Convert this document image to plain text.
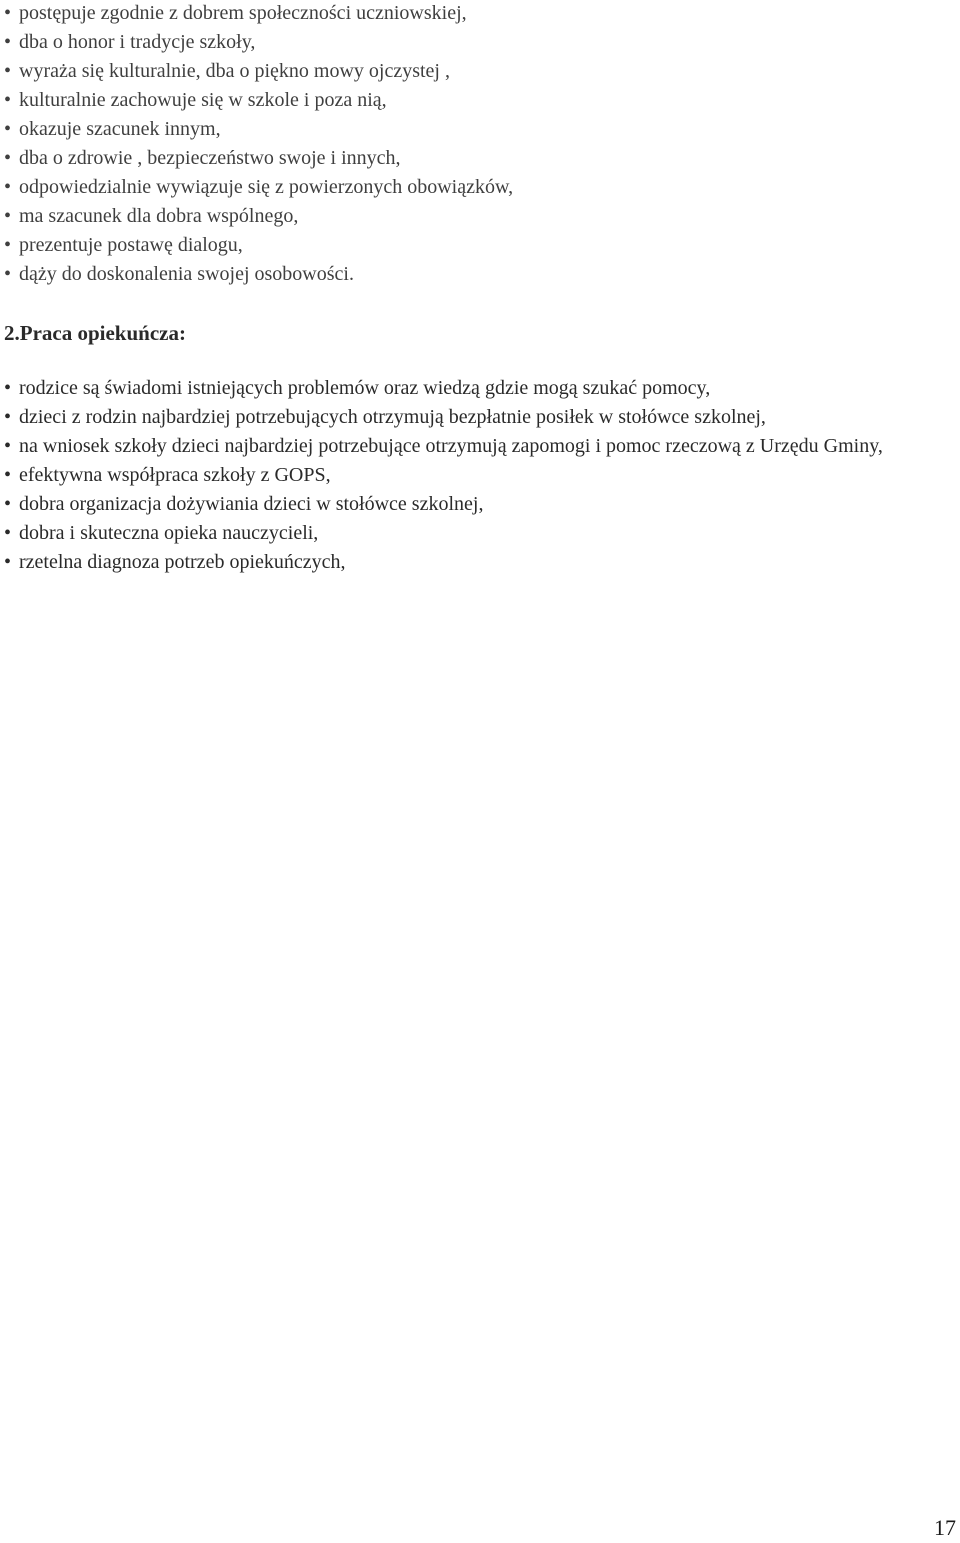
•postępuje zgodnie z dobrem społeczności uczniowskiej,
•dba o honor i tradycje szkoły,
•wyraża się kulturalnie, dba o piękno mowy ojczystej ,
•kulturalnie zachowuje się w szkole i poza nią,
•okazuje szacunek innym,
•dba o zdrowie , bezpieczeństwo swoje i innych,
•odpowiedzialnie wywiązuje się z powierzonych obowiązków,
•ma szacunek dla dobra wspólnego,
•prezentuje postawę dialogu,
•dąży do doskonalenia swojej osobowości.
2.Praca opiekuńcza:
•rodzice są świadomi istniejących problemów oraz wiedzą gdzie mogą szukać pomocy,
•dzieci z rodzin najbardziej potrzebujących otrzymują bezpłatnie posiłek w stołówce szkolnej,
•na wniosek szkoły dzieci najbardziej potrzebujące otrzymują zapomogi i pomoc rzeczową z Urzędu Gminy,
•efektywna współpraca szkoły z GOPS,
•dobra organizacja dożywiania dzieci w stołówce szkolnej,
•dobra i skuteczna opieka nauczycieli,
•rzetelna diagnoza potrzeb opiekuńczych,
17
